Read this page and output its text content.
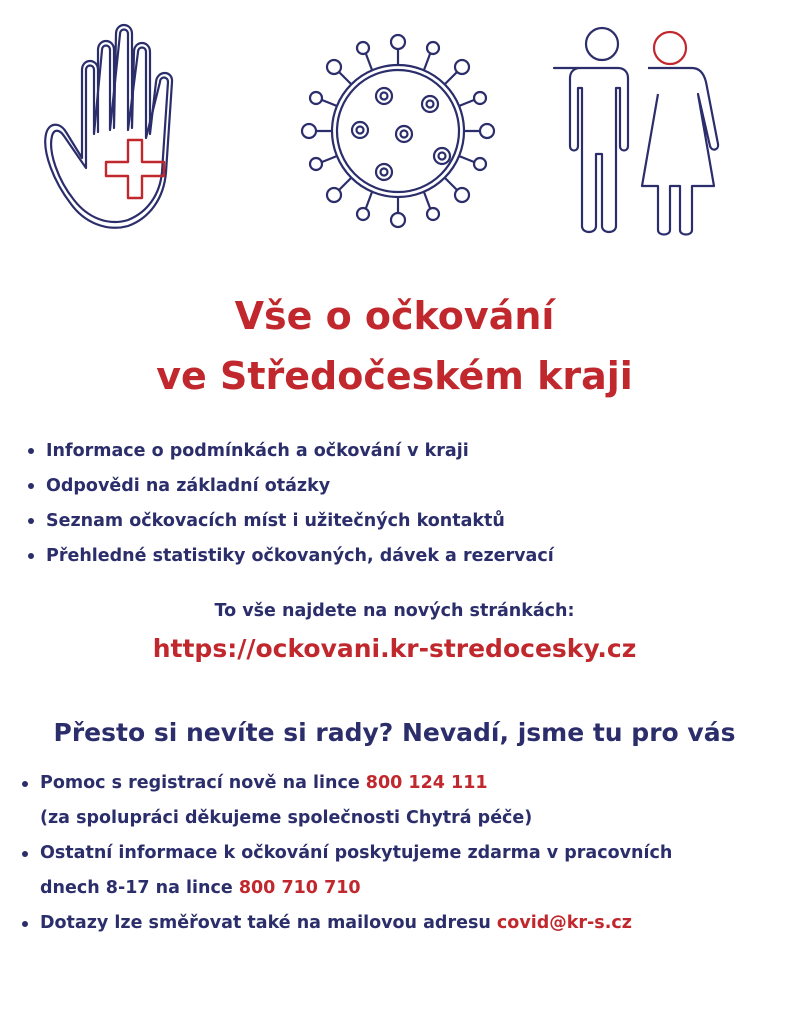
Vše o očkování
ve Středočeském kraji
Informace o podmínkách a očkování v kraji
Odpovědi na základní otázky
Seznam očkovacích míst i užitečných kontaktů
Přehledné statistiky očkovaných, dávek a rezervací
To vše najdete na nových stránkách:
https://ockovani.kr-stredocesky.cz
Přesto si nevíte si rady? Nevadí, jsme tu pro vás
Pomoc s registrací nově na lince 800 124 111
(za spolupráci děkujeme společnosti Chytrá péče)
Ostatní informace k očkování poskytujeme zdarma v pracovních
dnech 8-17 na lince 800 710 710
Dotazy lze směřovat také na mailovou adresu covid@kr-s.cz
